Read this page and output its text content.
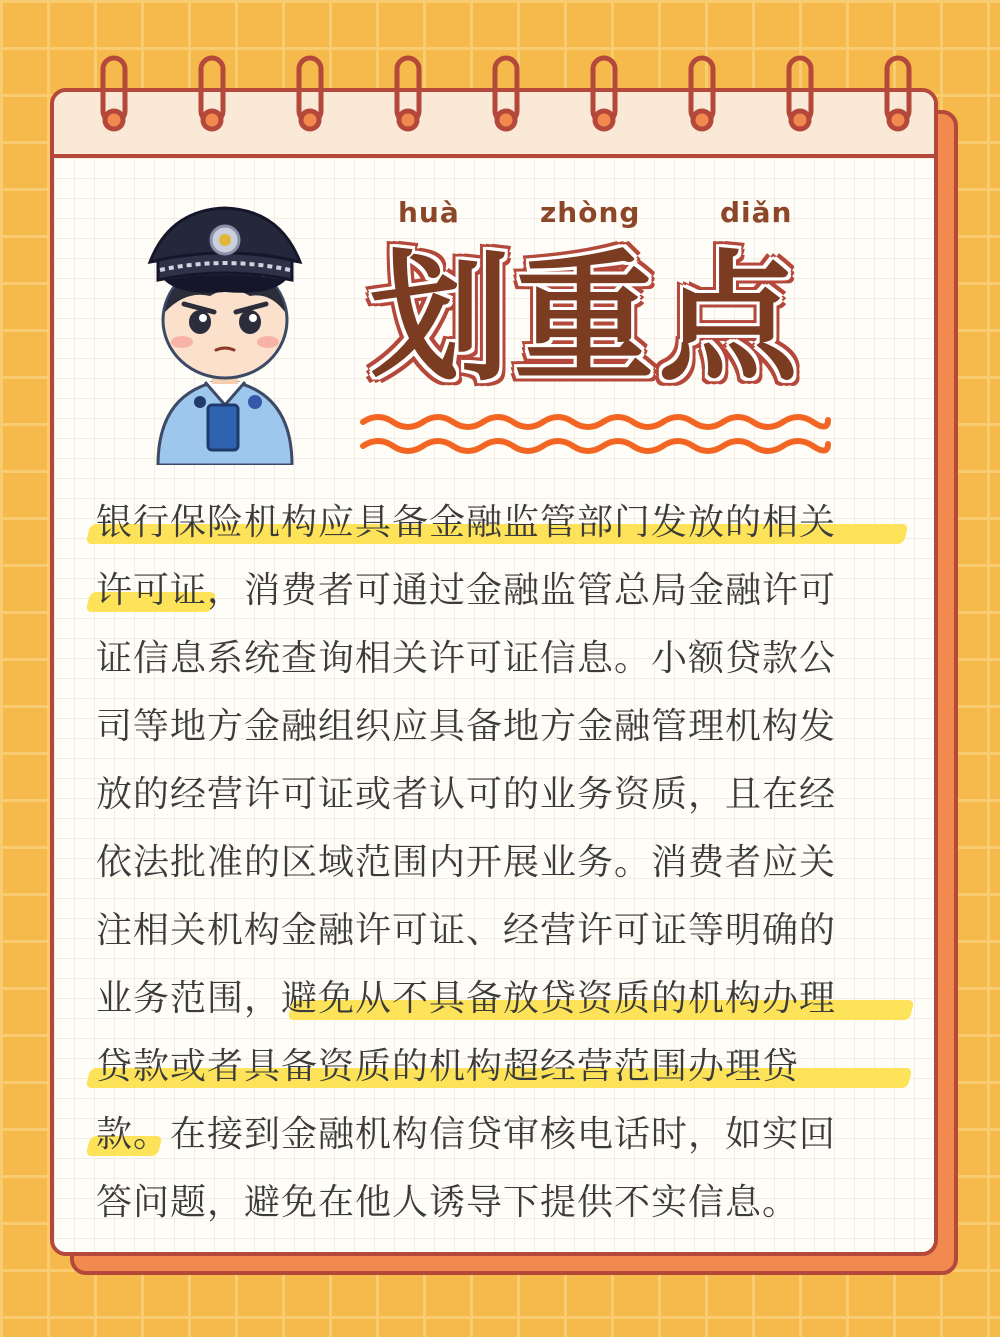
huà	zhòng	diǎn
划重点
银行保险机构应具备金融监管部门发放的相关
许可证，消费者可通过金融监管总局金融许可
证信息系统查询相关许可证信息。小额贷款公
司等地方金融组织应具备地方金融管理机构发
放的经营许可证或者认可的业务资质，且在经
依法批准的区域范围内开展业务。消费者应关
注相关机构金融许可证、经营许可证等明确的
业务范围，避免从不具备放贷资质的机构办理
贷款或者具备资质的机构超经营范围办理贷
款。在接到金融机构信贷审核电话时，如实回
答问题，避免在他人诱导下提供不实信息。
